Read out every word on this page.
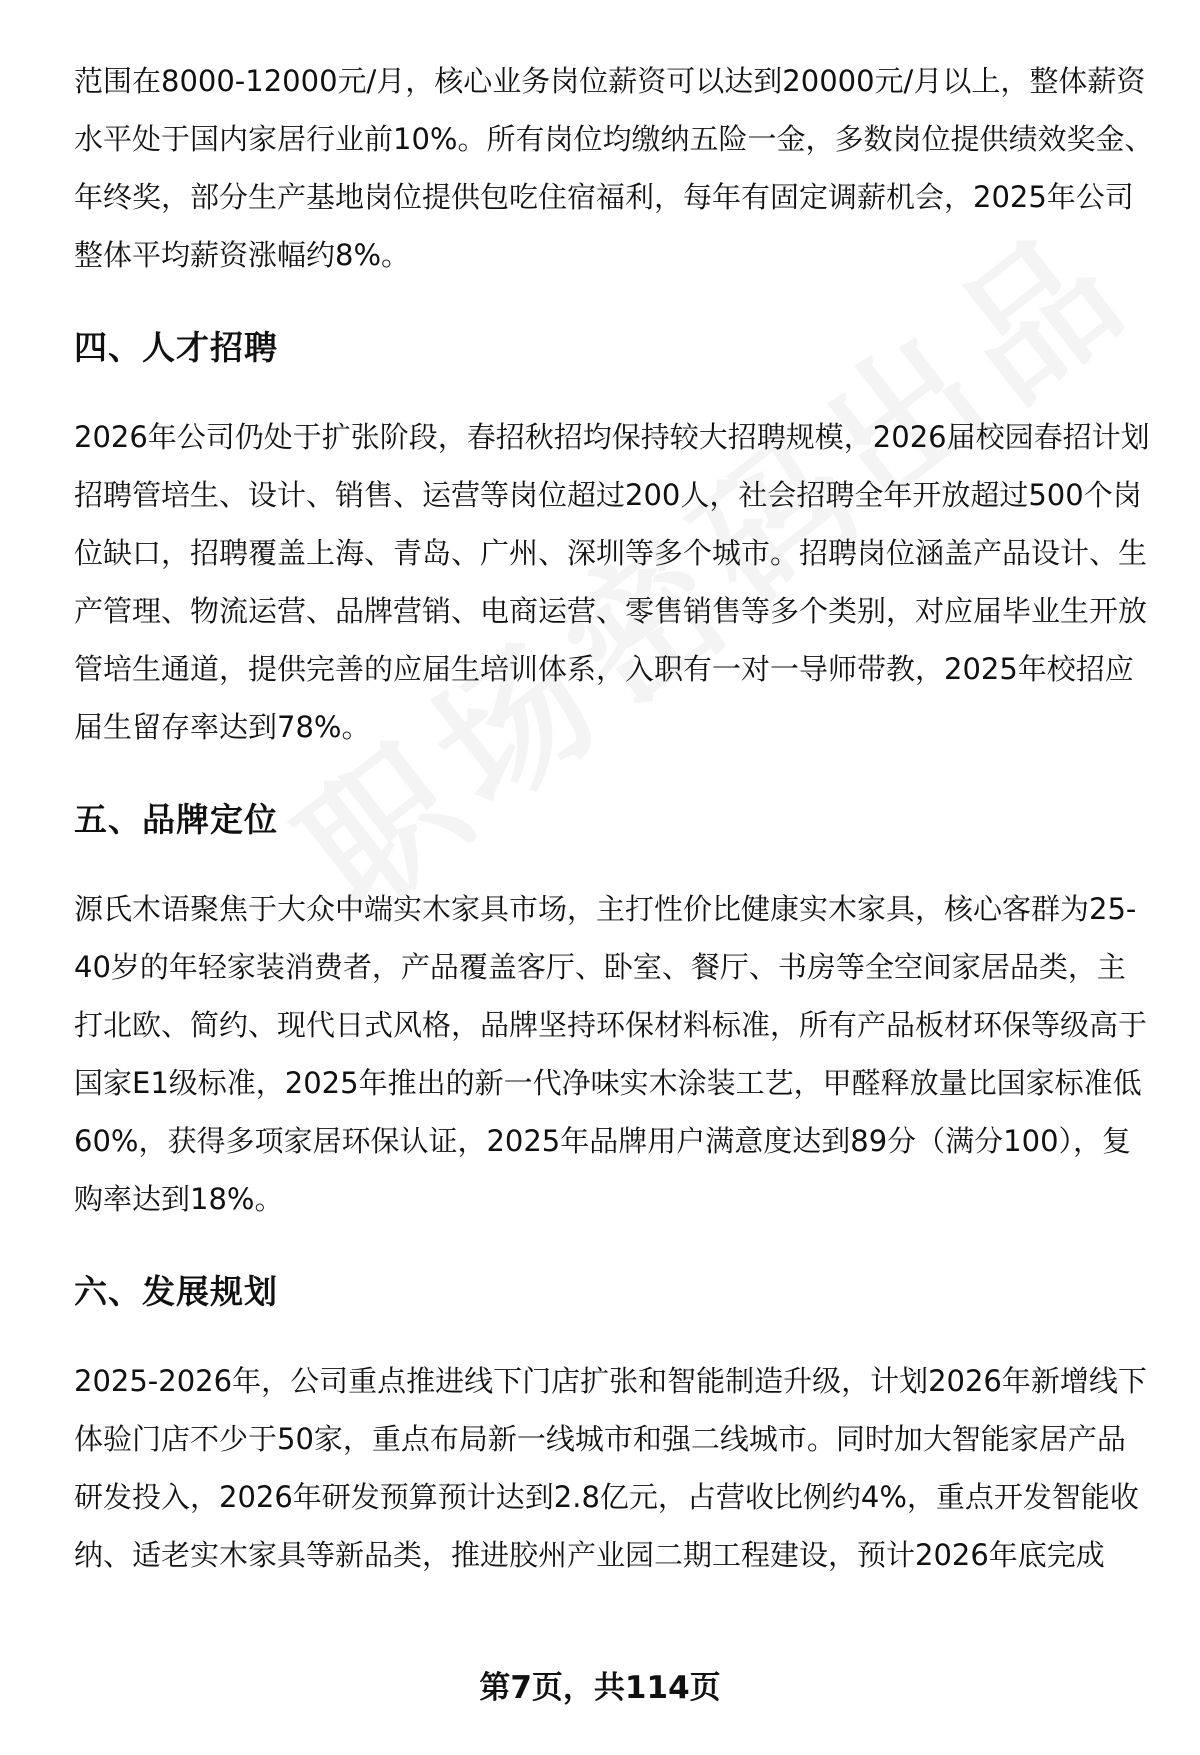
范围在8000-12000元/月，核心业务岗位薪资可以达到20000元/月以上，整体薪资水平处于国内家居行业前10%。所有岗位均缴纳五险一金，多数岗位提供绩效奖金、年终奖，部分生产基地岗位提供包吃住宿福利，每年有固定调薪机会，2025年公司整体平均薪资涨幅约8%。

四、人才招聘

2026年公司仍处于扩张阶段，春招秋招均保持较大招聘规模，2026届校园春招计划招聘管培生、设计、销售、运营等岗位超过200人，社会招聘全年开放超过500个岗位缺口，招聘覆盖上海、青岛、广州、深圳等多个城市。招聘岗位涵盖产品设计、生产管理、物流运营、品牌营销、电商运营、零售销售等多个类别，对应届毕业生开放管培生通道，提供完善的应届生培训体系，入职有一对一导师带教，2025年校招应届生留存率达到78%。

五、品牌定位

源氏木语聚焦于大众中端实木家具市场，主打性价比健康实木家具，核心客群为25-40岁的年轻家装消费者，产品覆盖客厅、卧室、餐厅、书房等全空间家居品类，主打北欧、简约、现代日式风格，品牌坚持环保材料标准，所有产品板材环保等级高于国家E1级标准，2025年推出的新一代净味实木涂装工艺，甲醛释放量比国家标准低60%，获得多项家居环保认证，2025年品牌用户满意度达到89分（满分100），复购率达到18%。

六、发展规划

2025-2026年，公司重点推进线下门店扩张和智能制造升级，计划2026年新增线下体验门店不少于50家，重点布局新一线城市和强二线城市。同时加大智能家居产品研发投入，2026年研发预算预计达到2.8亿元，占营收比例约4%，重点开发智能收纳、适老实木家具等新品类，推进胶州产业园二期工程建设，预计2026年底完成

第7页，共114页
